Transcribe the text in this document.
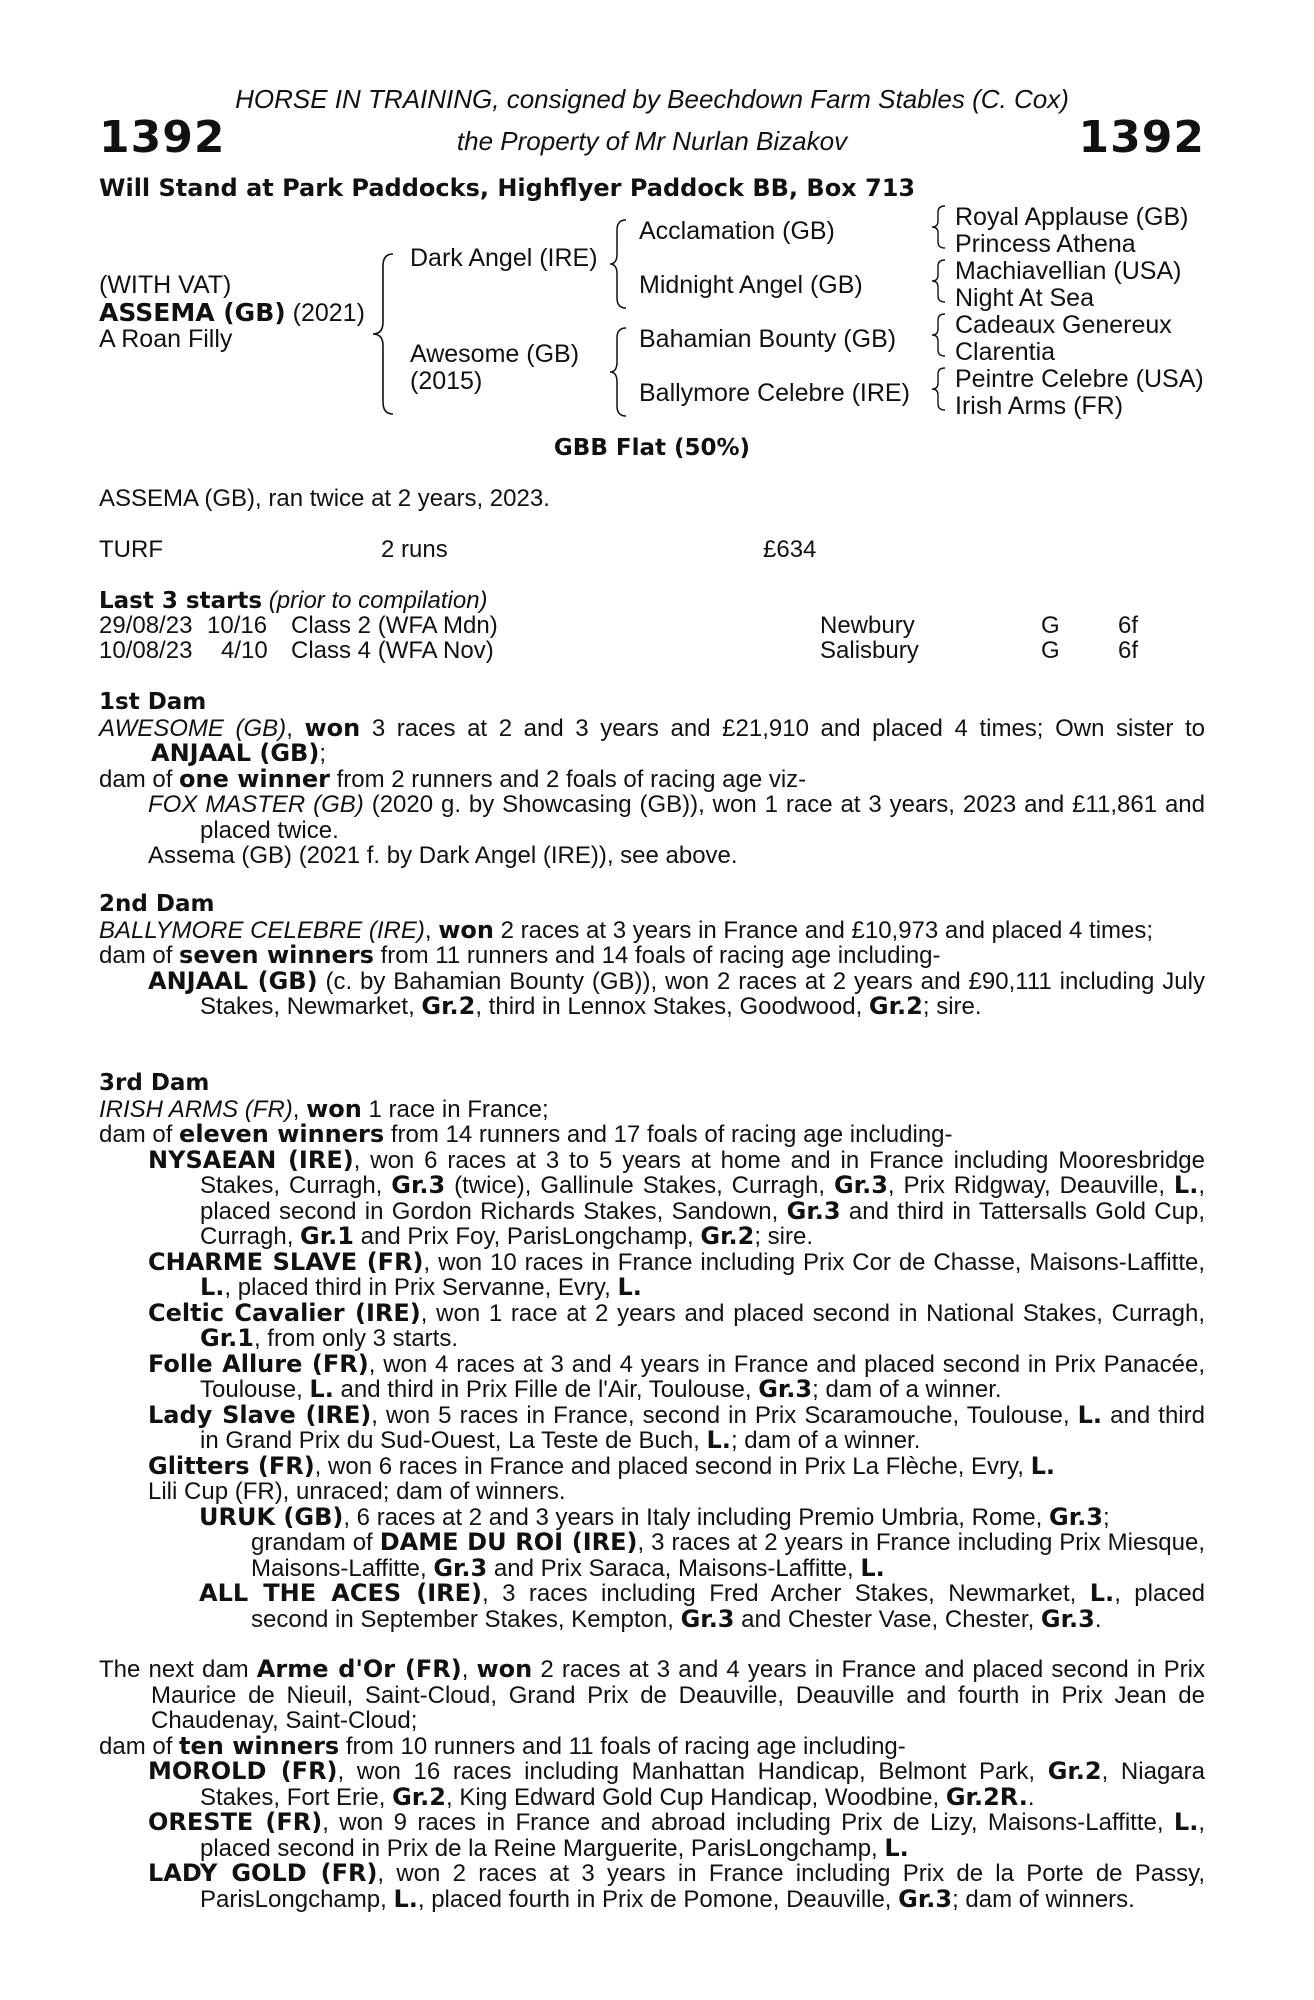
HORSE IN TRAINING, consigned by Beechdown Farm Stables (C. Cox)
1392	the Property of Mr Nurlan Bizakov	1392
Will Stand at Park Paddocks, Highflyer Paddock BB, Box 713
(WITH VAT)
ASSEMA (GB) (2021)
A Roan Filly
Dark Angel (IRE)
Awesome (GB)
(2015)
Acclamation (GB)
Midnight Angel (GB)
Bahamian Bounty (GB)
Ballymore Celebre (IRE)
Royal Applause (GB)
Princess Athena
Machiavellian (USA)
Night At Sea
Cadeaux Genereux
Clarentia
Peintre Celebre (USA)
Irish Arms (FR)
GBB Flat (50%)
ASSEMA (GB), ran twice at 2 years, 2023.
TURF	2 runs	£634
Last 3 starts (prior to compilation)
29/08/23 10/16 Class 2 (WFA Mdn)	Newbury	G 6f
10/08/23 4/10 Class 4 (WFA Nov)	Salisbury	G 6f
1st Dam
AWESOME (GB), won 3 races at 2 and 3 years and £21,910 and placed 4 times; Own sister to ANJAAL (GB);
dam of one winner from 2 runners and 2 foals of racing age viz-
FOX MASTER (GB) (2020 g. by Showcasing (GB)), won 1 race at 3 years, 2023 and £11,861 and placed twice.
Assema (GB) (2021 f. by Dark Angel (IRE)), see above.
2nd Dam
BALLYMORE CELEBRE (IRE), won 2 races at 3 years in France and £10,973 and placed 4 times;
dam of seven winners from 11 runners and 14 foals of racing age including-
ANJAAL (GB) (c. by Bahamian Bounty (GB)), won 2 races at 2 years and £90,111 including July Stakes, Newmarket, Gr.2, third in Lennox Stakes, Goodwood, Gr.2; sire.
3rd Dam
IRISH ARMS (FR), won 1 race in France;
dam of eleven winners from 14 runners and 17 foals of racing age including-
NYSAEAN (IRE), won 6 races at 3 to 5 years at home and in France including Mooresbridge Stakes, Curragh, Gr.3 (twice), Gallinule Stakes, Curragh, Gr.3, Prix Ridgway, Deauville, L., placed second in Gordon Richards Stakes, Sandown, Gr.3 and third in Tattersalls Gold Cup, Curragh, Gr.1 and Prix Foy, ParisLongchamp, Gr.2; sire.
CHARME SLAVE (FR), won 10 races in France including Prix Cor de Chasse, Maisons-Laffitte, L., placed third in Prix Servanne, Evry, L.
Celtic Cavalier (IRE), won 1 race at 2 years and placed second in National Stakes, Curragh, Gr.1, from only 3 starts.
Folle Allure (FR), won 4 races at 3 and 4 years in France and placed second in Prix Panacée, Toulouse, L. and third in Prix Fille de l'Air, Toulouse, Gr.3; dam of a winner.
Lady Slave (IRE), won 5 races in France, second in Prix Scaramouche, Toulouse, L. and third in Grand Prix du Sud-Ouest, La Teste de Buch, L.; dam of a winner.
Glitters (FR), won 6 races in France and placed second in Prix La Flèche, Evry, L.
Lili Cup (FR), unraced; dam of winners.
URUK (GB), 6 races at 2 and 3 years in Italy including Premio Umbria, Rome, Gr.3;
grandam of DAME DU ROI (IRE), 3 races at 2 years in France including Prix Miesque, Maisons-Laffitte, Gr.3 and Prix Saraca, Maisons-Laffitte, L.
ALL THE ACES (IRE), 3 races including Fred Archer Stakes, Newmarket, L., placed second in September Stakes, Kempton, Gr.3 and Chester Vase, Chester, Gr.3.
The next dam Arme d'Or (FR), won 2 races at 3 and 4 years in France and placed second in Prix Maurice de Nieuil, Saint-Cloud, Grand Prix de Deauville, Deauville and fourth in Prix Jean de Chaudenay, Saint-Cloud;
dam of ten winners from 10 runners and 11 foals of racing age including-
MOROLD (FR), won 16 races including Manhattan Handicap, Belmont Park, Gr.2, Niagara Stakes, Fort Erie, Gr.2, King Edward Gold Cup Handicap, Woodbine, Gr.2R..
ORESTE (FR), won 9 races in France and abroad including Prix de Lizy, Maisons-Laffitte, L., placed second in Prix de la Reine Marguerite, ParisLongchamp, L.
LADY GOLD (FR), won 2 races at 3 years in France including Prix de la Porte de Passy, ParisLongchamp, L., placed fourth in Prix de Pomone, Deauville, Gr.3; dam of winners.
